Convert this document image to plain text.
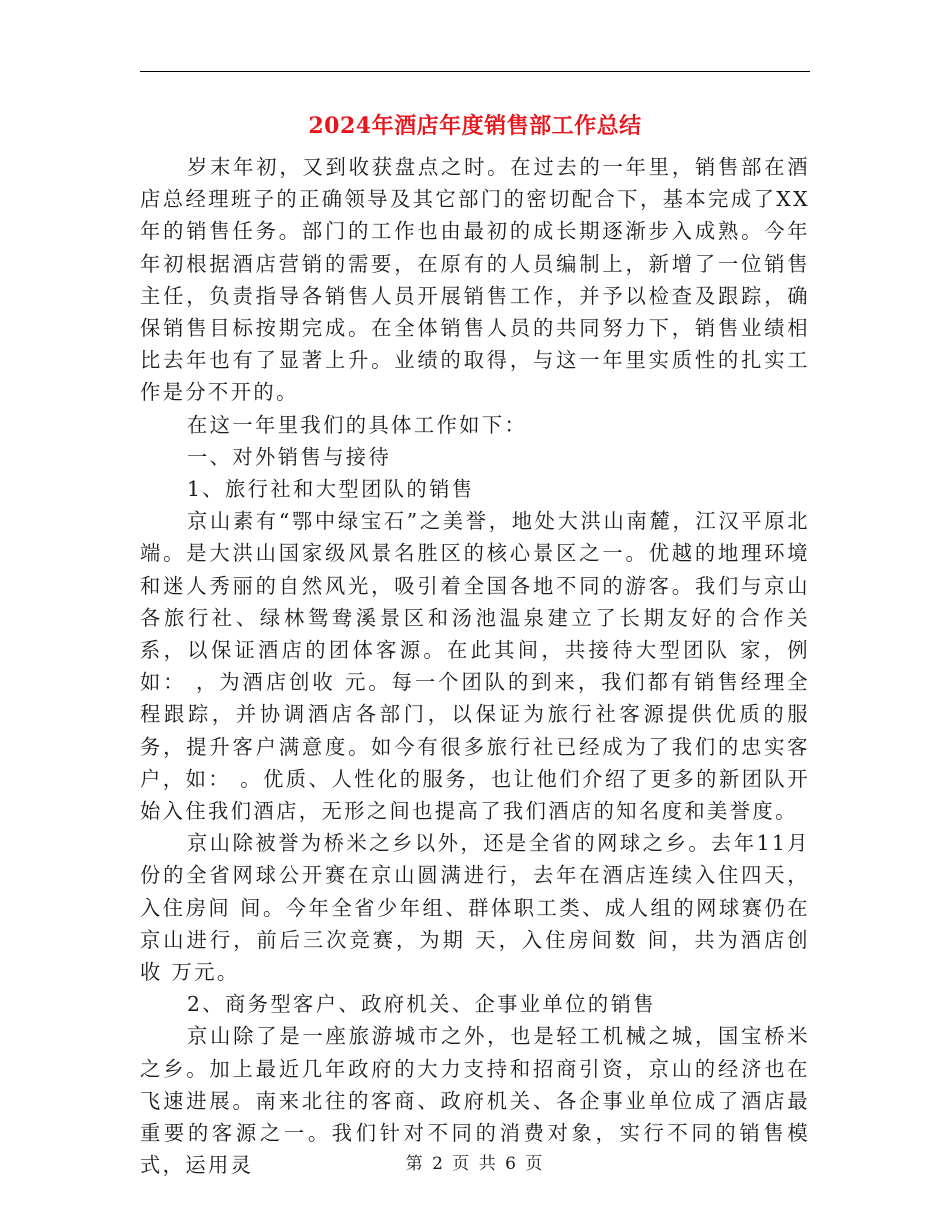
2024年酒店年度销售部工作总结

岁末年初，又到收获盘点之时。在过去的一年里，销售部在酒店总经理班子的正确领导及其它部门的密切配合下，基本完成了XX年的销售任务。部门的工作也由最初的成长期逐渐步入成熟。今年年初根据酒店营销的需要，在原有的人员编制上，新增了一位销售主任，负责指导各销售人员开展销售工作，并予以检查及跟踪，确保销售目标按期完成。在全体销售人员的共同努力下，销售业绩相比去年也有了显著上升。业绩的取得，与这一年里实质性的扎实工作是分不开的。

在这一年里我们的具体工作如下：

一、对外销售与接待

1、旅行社和大型团队的销售

京山素有“鄂中绿宝石”之美誉，地处大洪山南麓，江汉平原北端。是大洪山国家级风景名胜区的核心景区之一。优越的地理环境和迷人秀丽的自然风光，吸引着全国各地不同的游客。我们与京山各旅行社、绿林鸳鸯溪景区和汤池温泉建立了长期友好的合作关系，以保证酒店的团体客源。在此其间，共接待大型团队 家，例如： ，为酒店创收 元。每一个团队的到来，我们都有销售经理全程跟踪，并协调酒店各部门，以保证为旅行社客源提供优质的服务，提升客户满意度。如今有很多旅行社已经成为了我们的忠实客户，如： 。优质、人性化的服务，也让他们介绍了更多的新团队开始入住我们酒店，无形之间也提高了我们酒店的知名度和美誉度。

京山除被誉为桥米之乡以外，还是全省的网球之乡。去年11月份的全省网球公开赛在京山圆满进行，去年在酒店连续入住四天，入住房间 间。今年全省少年组、群体职工类、成人组的网球赛仍在京山进行，前后三次竞赛，为期 天，入住房间数 间，共为酒店创收 万元。

2、商务型客户、政府机关、企事业单位的销售

京山除了是一座旅游城市之外，也是轻工机械之城，国宝桥米之乡。加上最近几年政府的大力支持和招商引资，京山的经济也在飞速进展。南来北往的客商、政府机关、各企事业单位成了酒店最重要的客源之一。我们针对不同的消费对象，实行不同的销售模式，运用灵	第 2 页 共 6 页
